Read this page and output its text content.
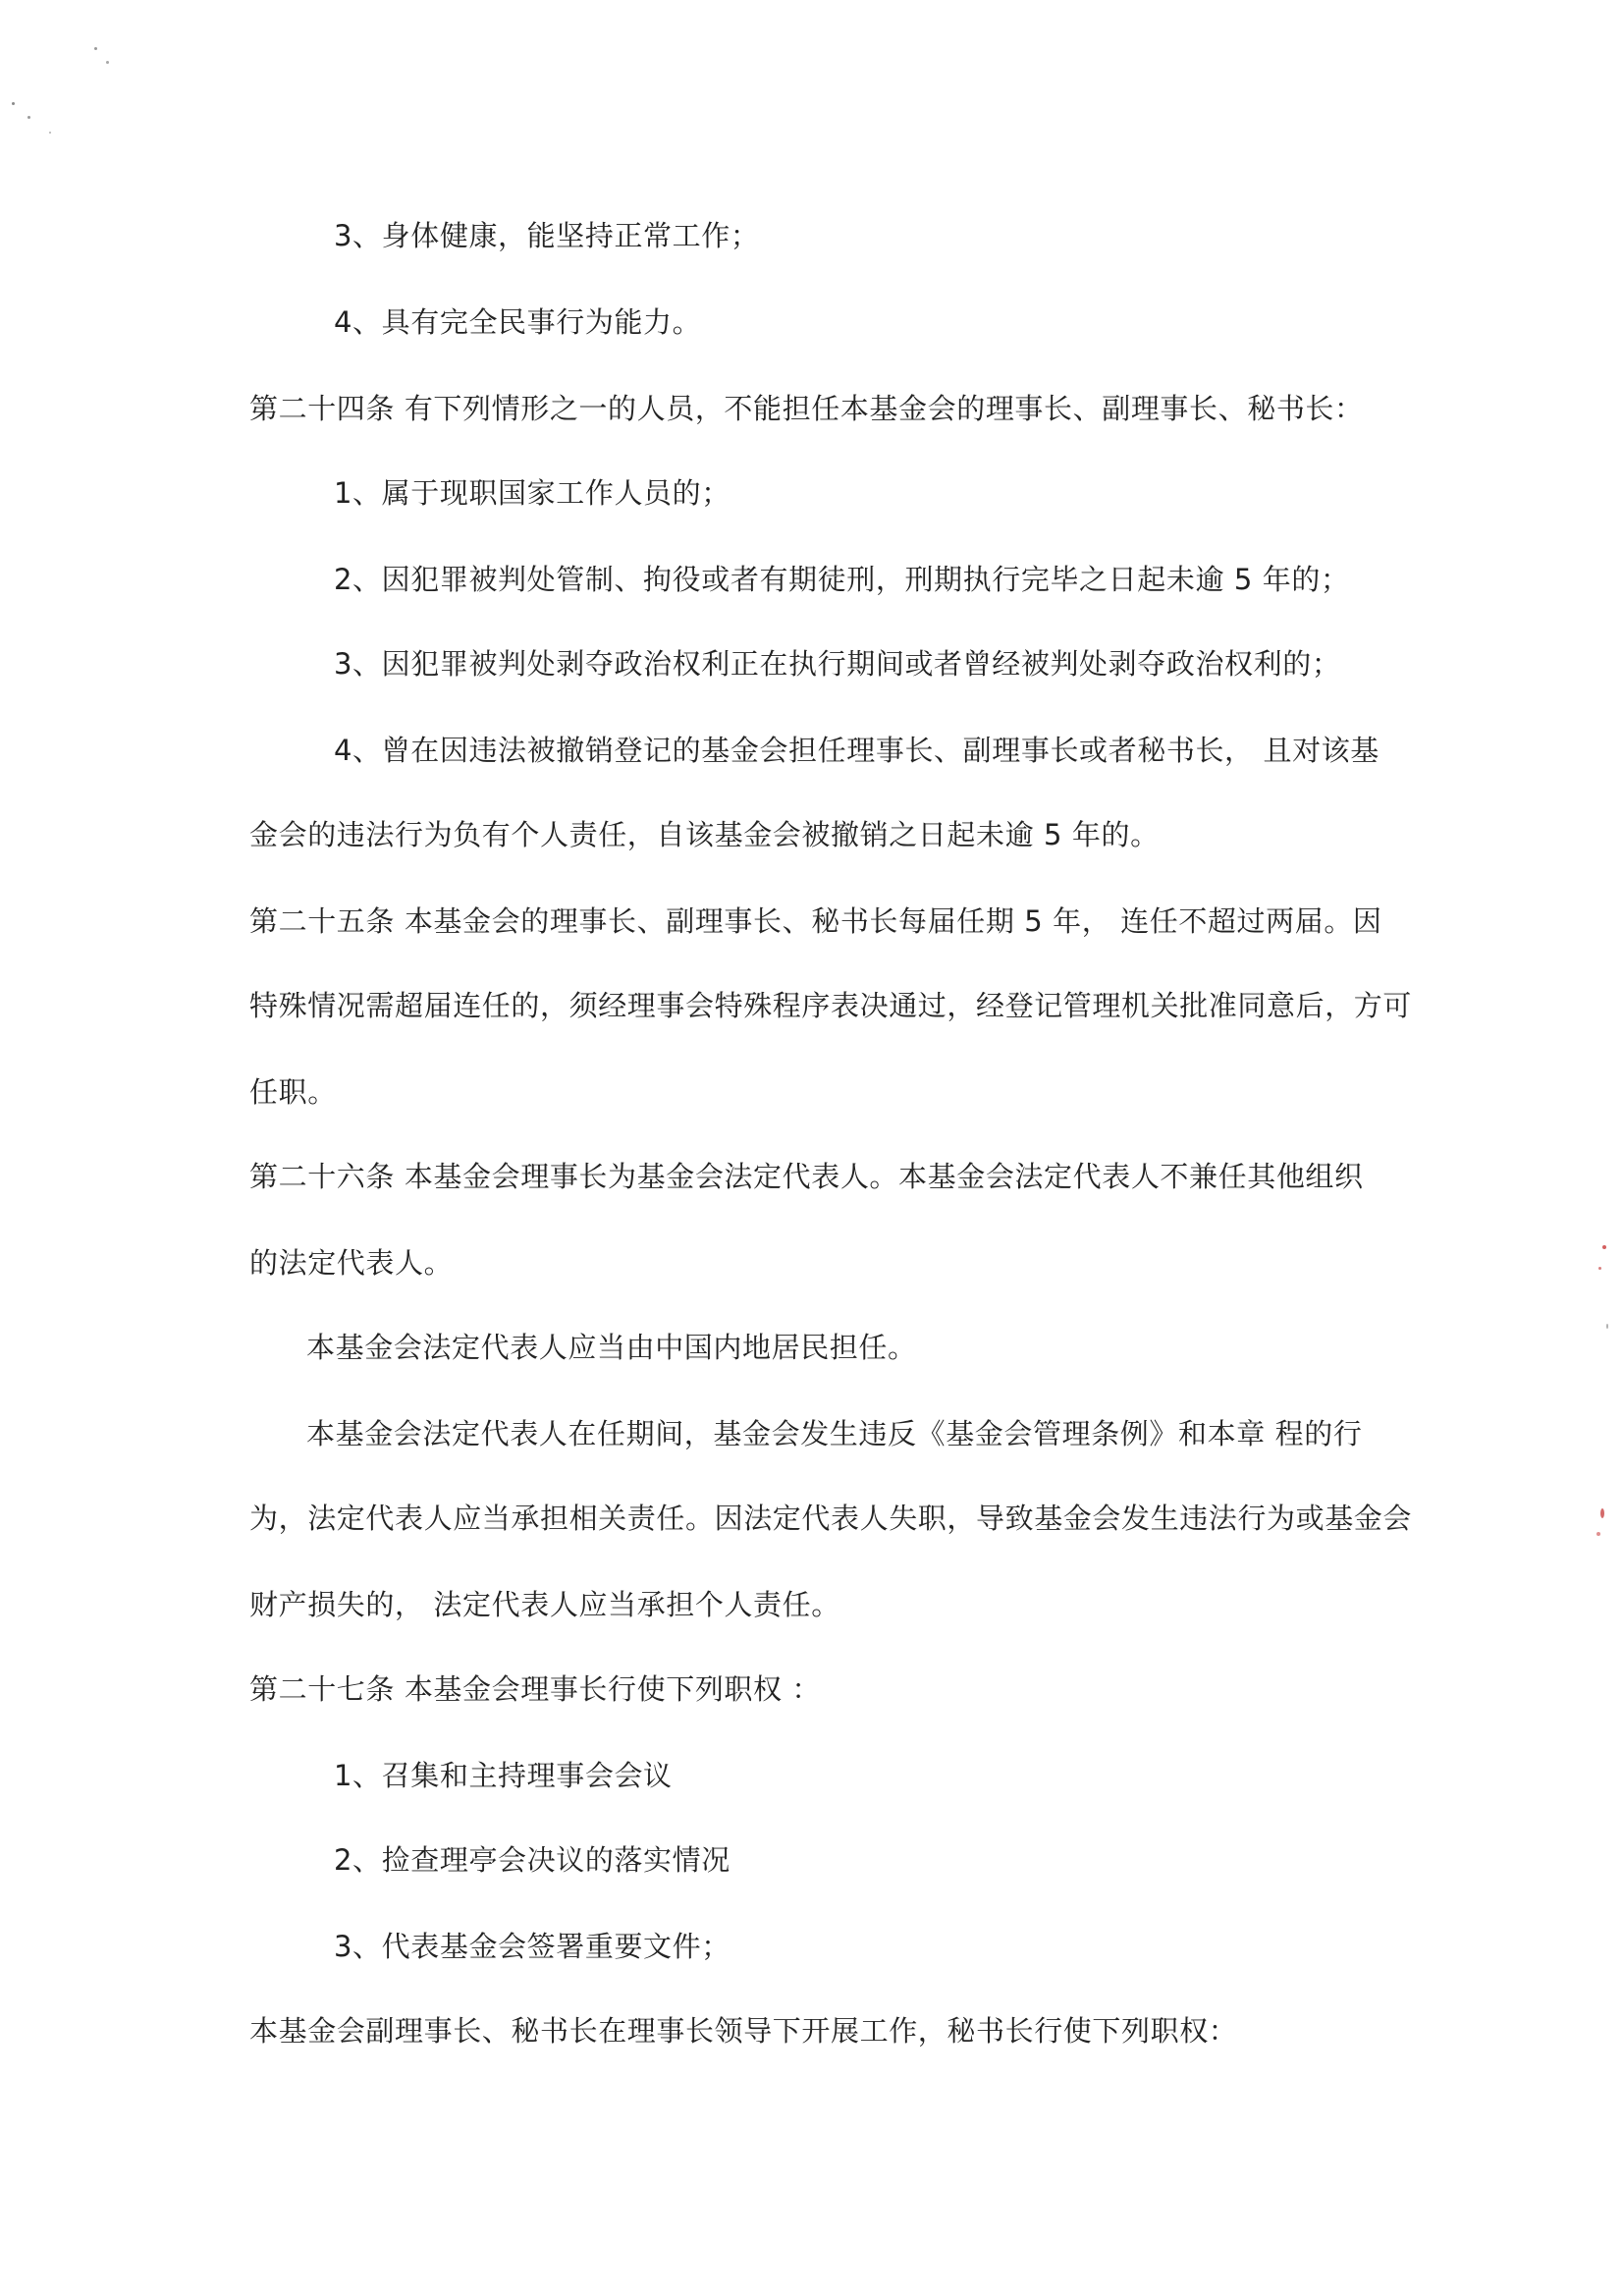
3、身体健康，能坚持正常工作；
4、具有完全民事行为能力。
第二十四条 有下列情形之一的人员，不能担任本基金会的理事长、副理事长、秘书长：
1、属于现职国家工作人员的；
2、因犯罪被判处管制、拘役或者有期徒刑，刑期执行完毕之日起未逾 5 年的；
3、因犯罪被判处剥夺政治权利正在执行期间或者曾经被判处剥夺政治权利的；
4、曾在因违法被撤销登记的基金会担任理事长、副理事长或者秘书长， 且对该基
金会的违法行为负有个人责任，自该基金会被撤销之日起未逾 5 年的。
第二十五条 本基金会的理事长、副理事长、秘书长每届任期 5 年， 连任不超过两届。因
特殊情况需超届连任的，须经理事会特殊程序表决通过，经登记管理机关批准同意后，方可
任职。
第二十六条 本基金会理事长为基金会法定代表人。本基金会法定代表人不兼任其他组织
的法定代表人。
本基金会法定代表人应当由中国内地居民担任。
本基金会法定代表人在任期间，基金会发生违反《基金会管理条例》和本章 程的行
为，法定代表人应当承担相关责任。因法定代表人失职，导致基金会发生违法行为或基金会
财产损失的， 法定代表人应当承担个人责任。
第二十七条 本基金会理事长行使下列职权 ：
1、召集和主持理事会会议
2、捡查理亭会决议的落实情况
3、代表基金会签署重要文件；
本基金会副理事长、秘书长在理事长领导下开展工作，秘书长行使下列职权：
